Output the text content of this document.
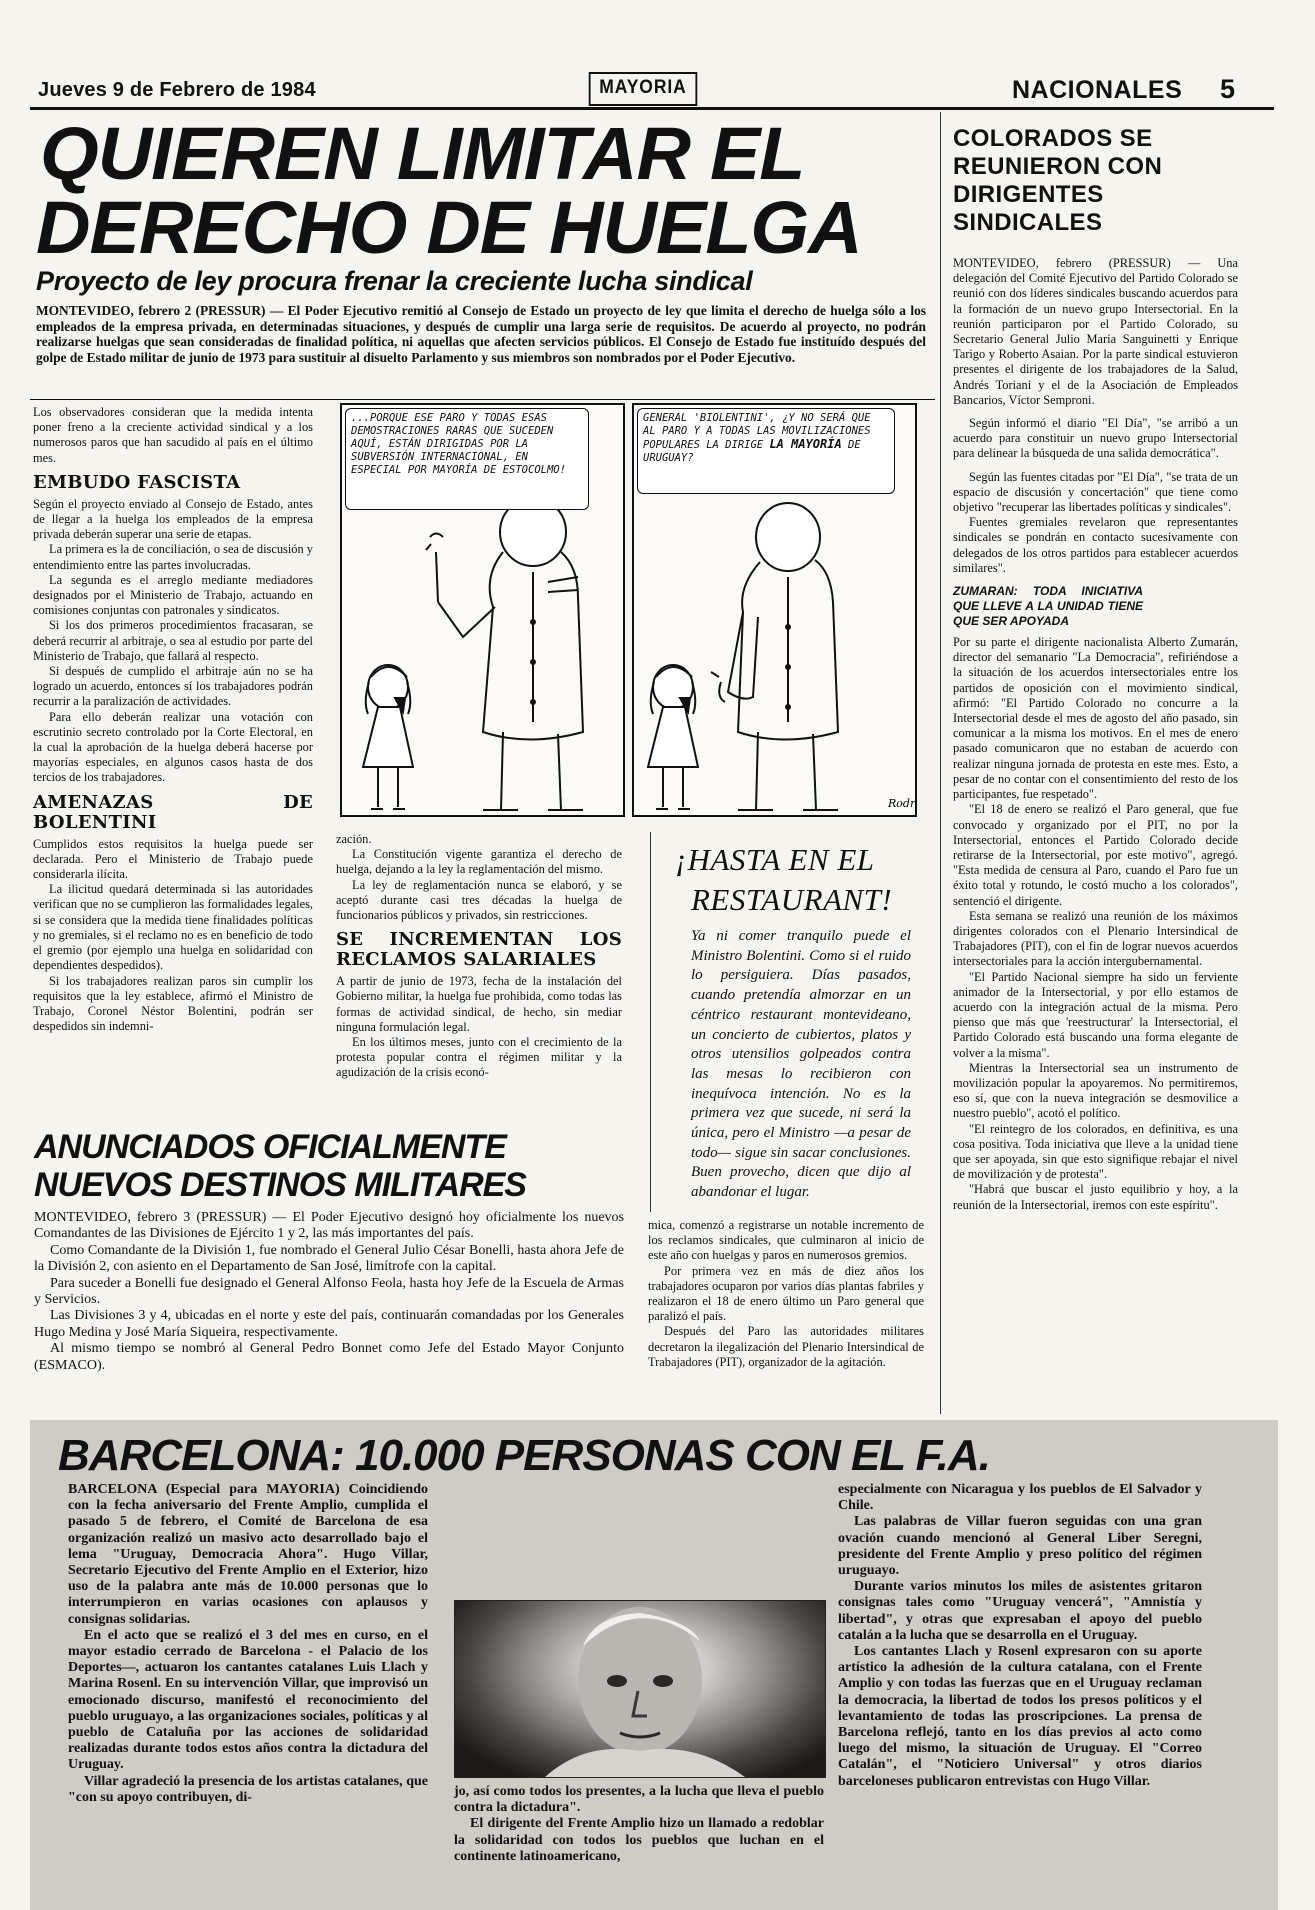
Jueves 9 de Febrero de 1984	MAYORIA	NACIONALES 5
QUIEREN LIMITAR EL
DERECHO DE HUELGA
Proyecto de ley procura frenar la creciente lucha sindical
MONTEVIDEO, febrero 2 (PRESSUR) — El Poder Ejecutivo remitió al Consejo de Estado un proyecto de ley que limita el derecho de huelga sólo a los empleados de la empresa privada, en determinadas situaciones, y después de cumplir una larga serie de requisitos. De acuerdo al proyecto, no podrán realizarse huelgas que sean consideradas de finalidad política, ni aquellas que afecten servicios públicos. El Consejo de Estado fue instituído después del golpe de Estado militar de junio de 1973 para sustituir al disuelto Parlamento y sus miembros son nombrados por el Poder Ejecutivo.

Los observadores consideran que la medida intenta poner freno a la creciente actividad sindical y a los numerosos paros que han sacudido al país en el último mes.

EMBUDO FASCISTA

Según el proyecto enviado al Consejo de Estado, antes de llegar a la huelga los empleados de la empresa privada deberán superar una serie de etapas.

La primera es la de conciliación, o sea de discusión y entendimiento entre las partes involucradas.

La segunda es el arreglo mediante mediadores designados por el Ministerio de Trabajo, actuando en comisiones conjuntas con patronales y sindicatos.

Si los dos primeros procedimientos fracasaran, se deberá recurrir al arbitraje, o sea al estudio por parte del Ministerio de Trabajo, que fallará al respecto.

Si después de cumplido el arbitraje aún no se ha logrado un acuerdo, entonces sí los trabajadores podrán recurrir a la paralización de actividades.

Para ello deberán realizar una votación con escrutinio secreto controlado por la Corte Electoral, en la cual la aprobación de la huelga deberá hacerse por mayorías especiales, en algunos casos hasta de dos tercios de los trabajadores.

AMENAZAS DE BOLENTINI

Cumplidos estos requisitos la huelga puede ser declarada. Pero el Ministerio de Trabajo puede considerarla ilícita.

La ilicitud quedará determinada si las autoridades verifican que no se cumplieron las formalidades legales, si se considera que la medida tiene finalidades políticas y no gremiales, si el reclamo no es en beneficio de todo el gremio (por ejemplo una huelga en solidaridad con dependientes despedidos).

Si los trabajadores realizan paros sin cumplir los requisitos que la ley establece, afirmó el Ministro de Trabajo, Coronel Néstor Bolentini, podrán ser despedidos sin indemni-

Rodr.
...PORQUE ESE PARO Y TODAS ESAS DEMOSTRACIONES RARAS QUE SUCEDEN AQUÍ, ESTÁN DIRIGIDAS POR LA SUBVERSIÓN INTERNACIONAL, EN ESPECIAL POR MAYORÍA DE ESTOCOLMO!
GENERAL 'BIOLENTINI', ¿Y NO SERÁ QUE AL PARO Y A TODAS LAS MOVILIZACIONES POPULARES LA DIRIGE LA MAYORÍA DE URUGUAY?

zación.

La Constitución vigente garantiza el derecho de huelga, dejando a la ley la reglamentación del mismo.

La ley de reglamentación nunca se elaboró, y se aceptó durante casi tres décadas la huelga de funcionarios públicos y privados, sin restricciones.

SE INCREMENTAN LOS RECLAMOS SALARIALES

A partir de junio de 1973, fecha de la instalación del Gobierno militar, la huelga fue prohibida, como todas las formas de actividad sindical, de hecho, sin mediar ninguna formulación legal.

En los últimos meses, junto con el crecimiento de la protesta popular contra el régimen militar y la agudización de la crisis econó-

¡HASTA EN EL
RESTAURANT!
Ya ni comer tranquilo puede el Ministro Bolentini. Como si el ruido lo persiguiera. Días pasados, cuando pretendía almorzar en un céntrico restaurant montevideano, un concierto de cubiertos, platos y otros utensilios golpeados contra las mesas lo recibieron con inequívoca intención. No es la primera vez que sucede, ni será la única, pero el Ministro —a pesar de todo— sigue sin sacar conclusiones. Buen provecho, dicen que dijo al abandonar el lugar.
ANUNCIADOS OFICIALMENTE
NUEVOS DESTINOS MILITARES

MONTEVIDEO, febrero 3 (PRESSUR) — El Poder Ejecutivo designó hoy oficialmente los nuevos Comandantes de las Divisiones de Ejército 1 y 2, las más importantes del país.

Como Comandante de la División 1, fue nombrado el General Julio César Bonelli, hasta ahora Jefe de la División 2, con asiento en el Departamento de San José, limítrofe con la capital.

Para suceder a Bonelli fue designado el General Alfonso Feola, hasta hoy Jefe de la Escuela de Armas y Servicios.

Las Divisiones 3 y 4, ubicadas en el norte y este del país, continuarán comandadas por los Generales Hugo Medina y José María Siqueira, respectivamente.

Al mismo tiempo se nombró al General Pedro Bonnet como Jefe del Estado Mayor Conjunto (ESMACO).

mica, comenzó a registrarse un notable incremento de los reclamos sindicales, que culminaron al inicio de este año con huelgas y paros en numerosos gremios.

Por primera vez en más de diez años los trabajadores ocuparon por varios días plantas fabriles y realizaron el 18 de enero último un Paro general que paralizó el país.

Después del Paro las autoridades militares decretaron la ilegalización del Plenario Intersindical de Trabajadores (PIT), organizador de la agitación.

COLORADOS SE REUNIERON CON DIRIGENTES SINDICALES

MONTEVIDEO, febrero (PRESSUR) — Una delegación del Comité Ejecutivo del Partido Colorado se reunió con dos líderes sindicales buscando acuerdos para la formación de un nuevo grupo Intersectorial. En la reunión participaron por el Partido Colorado, su Secretario General Julio María Sanguinetti y Enrique Tarigo y Roberto Asaian. Por la parte sindical estuvieron presentes el dirigente de los trabajadores de la Salud, Andrés Toriani y el de la Asociación de Empleados Bancarios, Víctor Semproni.

Según informó el diario "El Día", "se arribó a un acuerdo para constituir un nuevo grupo Intersectorial para delinear la búsqueda de una salida democrática".

Según las fuentes citadas por "El Día", "se trata de un espacio de discusión y concertación" que tiene como objetivo "recuperar las libertades políticas y sindicales".

Fuentes gremiales revelaron que representantes sindicales se pondrán en contacto sucesivamente con delegados de los otros partidos para establecer acuerdos similares".

ZUMARAN: TODA INICIATIVA QUE LLEVE A LA UNIDAD TIENE QUE SER APOYADA

Por su parte el dirigente nacionalista Alberto Zumarán, director del semanario "La Democracia", refiriéndose a la situación de los acuerdos intersectoriales entre los partidos de oposición con el movimiento sindical, afirmó: "El Partido Colorado no concurre a la Intersectorial desde el mes de agosto del año pasado, sin comunicar a la misma los motivos. En el mes de enero pasado comunicaron que no estaban de acuerdo con realizar ninguna jornada de protesta en este mes. Esto, a pesar de no contar con el consentimiento del resto de los participantes, fue respetado".

"El 18 de enero se realizó el Paro general, que fue convocado y organizado por el PIT, no por la Intersectorial, entonces el Partido Colorado decide retirarse de la Intersectorial, por este motivo", agregó. "Esta medida de censura al Paro, cuando el Paro fue un éxito total y rotundo, le costó mucho a los colorados", sentenció el dirigente.

Esta semana se realizó una reunión de los máximos dirigentes colorados con el Plenario Intersindical de Trabajadores (PIT), con el fin de lograr nuevos acuerdos intersectoriales para la acción intergubernamental.

"El Partido Nacional siempre ha sido un ferviente animador de la Intersectorial, y por ello estamos de acuerdo con la integración actual de la misma. Pero pienso que más que 'reestructurar' la Intersectorial, el Partido Colorado está buscando una forma elegante de volver a la misma".

Mientras la Intersectorial sea un instrumento de movilización popular la apoyaremos. No permitiremos, eso sí, que con la nueva integración se desmovilice a nuestro pueblo", acotó el político.

"El reintegro de los colorados, en definitiva, es una cosa positiva. Toda iniciativa que lleve a la unidad tiene que ser apoyada, sin que esto signifique rebajar el nivel de movilización y de protesta".

"Habrá que buscar el justo equilibrio y hoy, a la reunión de la Intersectorial, iremos con este espíritu".

BARCELONA: 10.000 PERSONAS CON EL F.A.

BARCELONA (Especial para MAYORIA) Coincidiendo con la fecha aniversario del Frente Amplio, cumplida el pasado 5 de febrero, el Comité de Barcelona de esa organización realizó un masivo acto desarrollado bajo el lema "Uruguay, Democracia Ahora". Hugo Villar, Secretario Ejecutivo del Frente Amplio en el Exterior, hizo uso de la palabra ante más de 10.000 personas que lo interrumpieron en varias ocasiones con aplausos y consignas solidarias.

En el acto que se realizó el 3 del mes en curso, en el mayor estadio cerrado de Barcelona - el Palacio de los Deportes—, actuaron los cantantes catalanes Luis Llach y Marina Rosenl. En su intervención Villar, que improvisó un emocionado discurso, manifestó el reconocimiento del pueblo uruguayo, a las organizaciones sociales, políticas y al pueblo de Cataluña por las acciones de solidaridad realizadas durante todos estos años contra la dictadura del Uruguay.

Villar agradeció la presencia de los artistas catalanes, que "con su apoyo contribuyen, di-	jo, así como todos los presentes, a la lucha que lleva el pueblo contra la dictadura".

El dirigente del Frente Amplio hizo un llamado a redoblar la solidaridad con todos los pueblos que luchan en el continente latinoamericano,

especialmente con Nicaragua y los pueblos de El Salvador y Chile.

Las palabras de Villar fueron seguidas con una gran ovación cuando mencionó al General Liber Seregni, presidente del Frente Amplio y preso político del régimen uruguayo.

Durante varios minutos los miles de asistentes gritaron consignas tales como "Uruguay vencerá", "Amnistía y libertad", y otras que expresaban el apoyo del pueblo catalán a la lucha que se desarrolla en el Uruguay.

Los cantantes Llach y Rosenl expresaron con su aporte artístico la adhesión de la cultura catalana, con el Frente Amplio y con todas las fuerzas que en el Uruguay reclaman la democracia, la libertad de todos los presos políticos y el levantamiento de todas las proscripciones. La prensa de Barcelona reflejó, tanto en los días previos al acto como luego del mismo, la situación de Uruguay. El "Correo Catalán", el "Noticiero Universal" y otros diarios barceloneses publicaron entrevistas con Hugo Villar.
